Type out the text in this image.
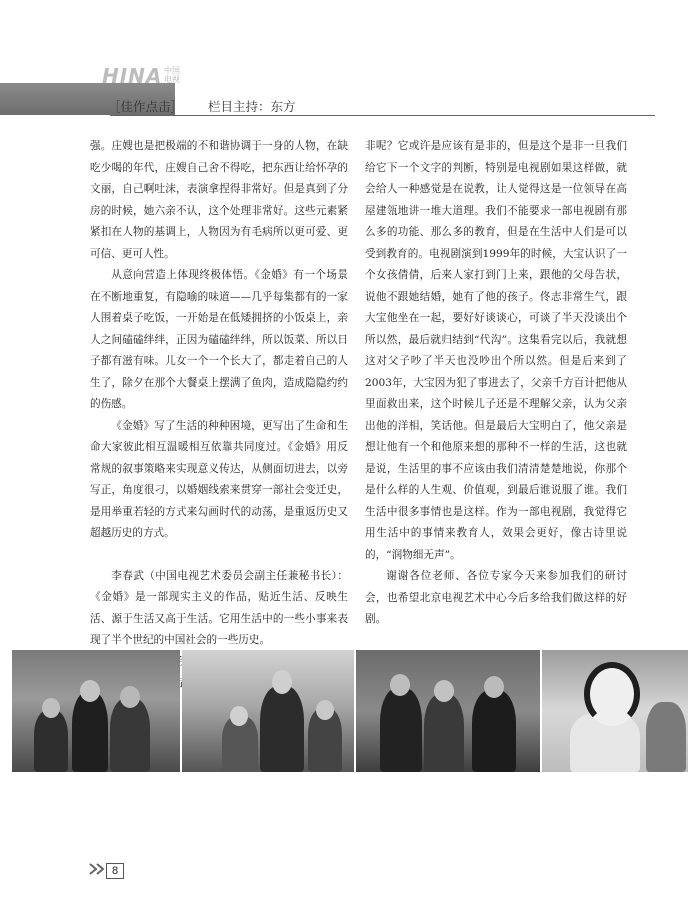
HINA 中国电视
［佳作点击］ 栏目主持：东方

强。庄嫂也是把极端的不和谐协调于一身的人物，在缺吃少喝的年代，庄嫂自己舍不得吃，把东西让给怀孕的文丽，自己啊吐沫，表演拿捏得非常好。但是真到了分房的时候，她六亲不认，这个处理非常好。这些元素紧紧扣在人物的基调上，人物因为有毛病所以更可爱、更可信、更可人性。

从意向营造上体现终极体悟。《金婚》有一个场景在不断地重复，有隐喻的味道——几乎每集都有的一家人围着桌子吃饭，一开始是在低矮拥挤的小饭桌上，亲人之间磕磕绊绊，正因为磕磕绊绊，所以饭菜、所以日子都有滋有味。儿女一个一个长大了，都走着自己的人生了，除夕在那个大餐桌上摆满了鱼肉，造成隐隐约约的伤感。

《金婚》写了生活的种种困境，更写出了生命和生命大家彼此相互温暖相互依靠共同度过。《金婚》用反常规的叙事策略来实现意义传达，从侧面切进去，以旁写正，角度很刁，以婚姻线索来贯穿一部社会变迁史，是用举重若轻的方式来勾画时代的动荡，是重返历史又超越历史的方式。

李春武（中国电视艺术委员会副主任兼秘书长）：《金婚》是一部现实主义的作品，贴近生活、反映生活、源于生活又高于生活。它用生活中的一些小事来表现了半个世纪的中国社会的一些历史。

非呢？它或许是应该有是非的，但是这个是非一旦我们给它下一个文字的判断，特别是电视剧如果这样做，就会给人一种感觉是在说教，让人觉得这是一位领导在高屋建瓴地讲一堆大道理。我们不能要求一部电视剧有那么多的功能、那么多的教育，但是在生活中人们是可以受到教育的。电视剧演到1999年的时候，大宝认识了一个女孩倩倩，后来人家打到门上来，跟他的父母告状，说他不跟她结婚，她有了他的孩子。佟志非常生气，跟大宝他坐在一起，要好好谈谈心，可谈了半天没谈出个所以然，最后就归结到“代沟”。这集看完以后，我就想这对父子吵了半天也没吵出个所以然。但是后来到了2003年，大宝因为犯了事进去了，父亲千方百计把他从里面救出来，这个时候儿子还是不理解父亲，认为父亲出他的洋相，笑话他。但是最后大宝明白了，他父亲是想让他有一个和他原来想的那种不一样的生活，这也就是说，生活里的事不应该由我们清清楚楚地说，你那个是什么样的人生观、价值观，到最后谁说服了谁。我们生活中很多事情也是这样。作为一部电视剧，我觉得它用生活中的事情来教育人，效果会更好，像古诗里说的，“润物细无声”。

谢谢各位老师、各位专家今天来参加我们的研讨会，也希望北京电视艺术中心今后多给我们做这样的好剧。

8
